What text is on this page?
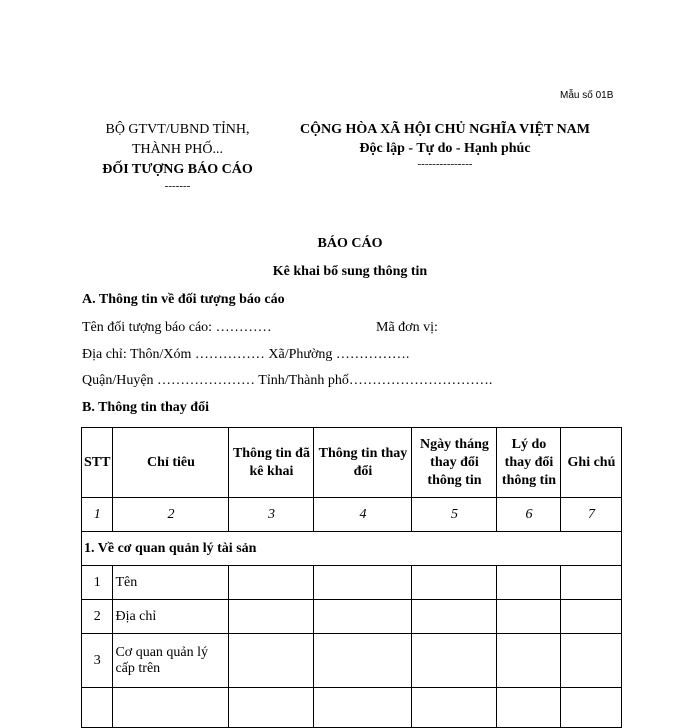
Mẫu số 01B
BỘ GTVT/UBND TỈNH,
THÀNH PHỐ...
ĐỐI TƯỢNG BÁO CÁO
-------
CỘNG HÒA XÃ HỘI CHỦ NGHĨA VIỆT NAM
Độc lập - Tự do - Hạnh phúc
---------------
BÁO CÁO
Kê khai bổ sung thông tin
A. Thông tin về đối tượng báo cáo
Tên đối tượng báo cáo: …………	Mã đơn vị:
Địa chỉ: Thôn/Xóm …………… Xã/Phường …………….
Quận/Huyện ………………… Tỉnh/Thành phố………………………….
B. Thông tin thay đổi
STT	Chỉ tiêu	Thông tin đã kê khai	Thông tin thay đổi	Ngày tháng thay đổi thông tin	Lý do thay đổi thông tin	Ghi chú
1	2	3	4	5	6	7
1. Về cơ quan quản lý tài sản						
1	Tên					
2	Địa chỉ					
3	Cơ quan quản lý cấp trên					
